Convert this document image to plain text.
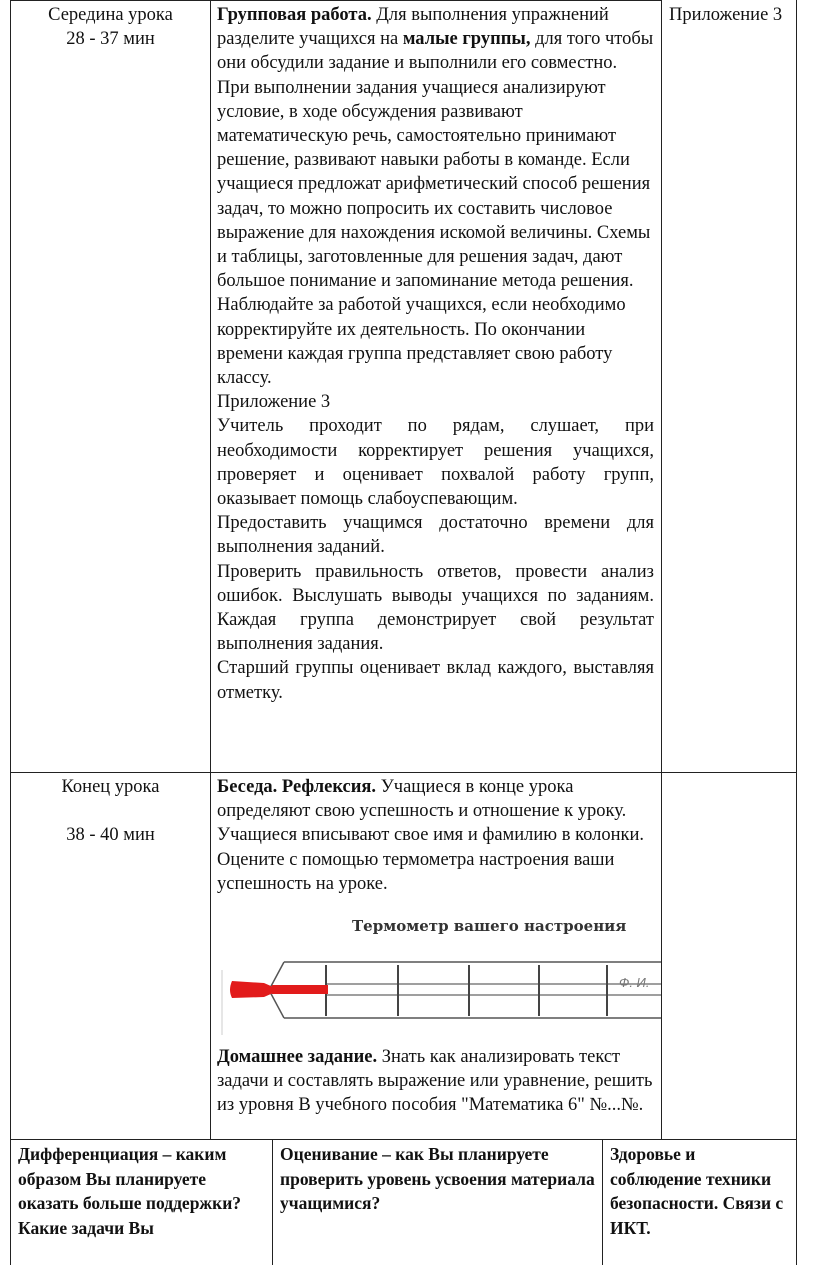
Середина урока
28 - 37 мин

Групповая работа. Для выполнения упражнений разделите учащихся на малые группы, для того чтобы они обсудили задание и выполнили его совместно. При выполнении задания учащиеся анализируют условие, в ходе обсуждения развивают математическую речь, самостоятельно принимают решение, развивают навыки работы в команде. Если учащиеся предложат арифметический способ решения задач, то можно попросить их составить числовое выражение для нахождения искомой величины. Схемы и таблицы, заготовленные для решения задач, дают большое понимание и запоминание метода решения. Наблюдайте за работой учащихся, если необходимо корректируйте их деятельность. По окончании времени каждая группа представляет свою работу классу.

Приложение 3

Учитель проходит по рядам, слушает, при необходимости корректирует решения учащихся, проверяет и оценивает похвалой работу групп, оказывает помощь слабоуспевающим.

Предоставить учащимся достаточно времени для выполнения заданий.

Проверить правильность ответов, провести анализ ошибок. Выслушать выводы учащихся по заданиям. Каждая группа демонстрирует свой результат выполнения задания.

Старший группы оценивает вклад каждого, выставляя отметку.

Приложение 3
Конец урока
38 - 40 мин

Беседа. Рефлексия. Учащиеся в конце урока определяют свою успешность и отношение к уроку. Учащиеся вписывают свое имя и фамилию в колонки.

Оцените с помощью термометра настроения ваши успешность на уроке.

Термометр вашего настроения
Ф. И.

Домашнее задание. Знать как анализировать текст задачи и составлять выражение или уравнение, решить из уровня В учебного пособия "Математика 6" №...№.

Дифференциация – каким образом Вы планируете оказать больше поддержки? Какие задачи Вы

Оценивание – как Вы планируете проверить уровень усвоения материала учащимися?

Здоровье и соблюдение техники безопасности. Связи с ИКТ.
